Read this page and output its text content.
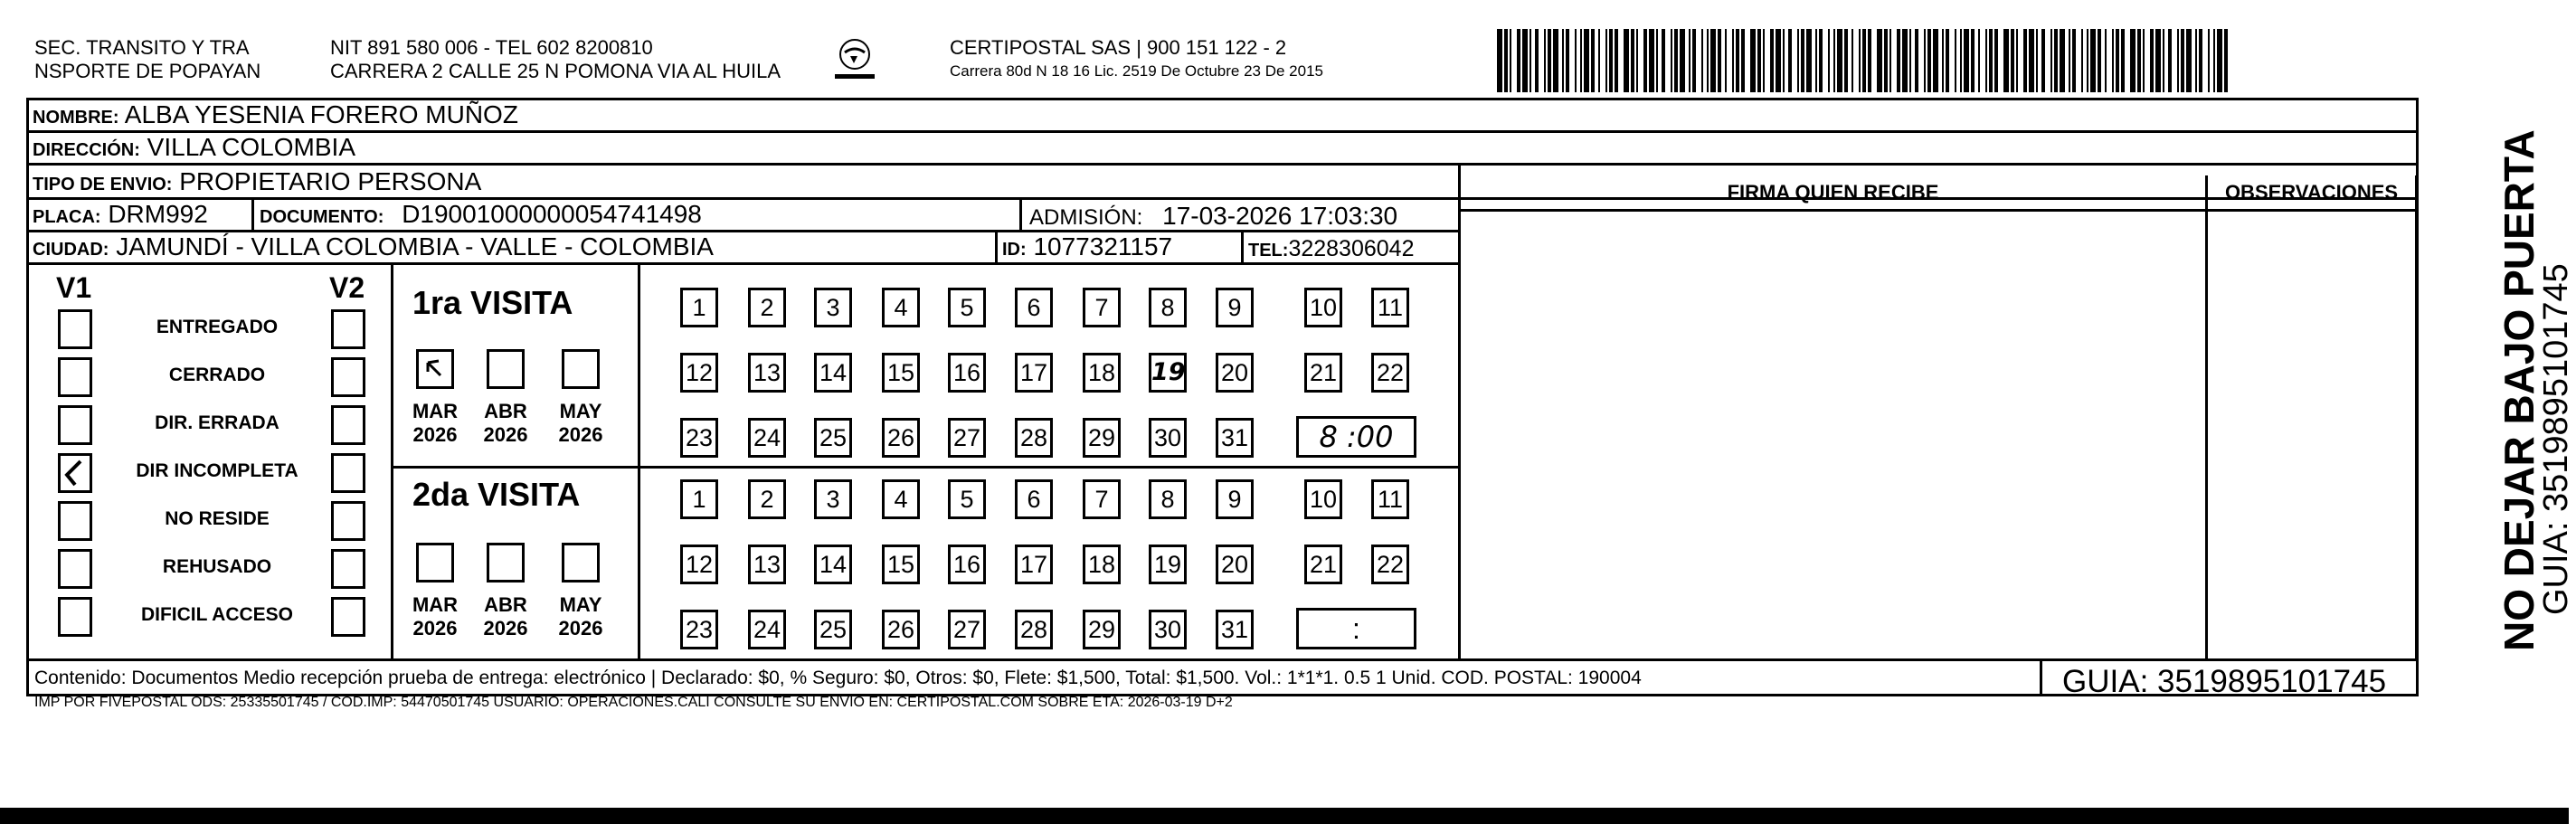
SEC. TRANSITO Y TRA
NSPORTE DE POPAYAN
NIT 891 580 006 - TEL 602 8200810
CARRERA 2 CALLE 25 N POMONA VIA AL HUILA
CERTIPOSTAL SAS | 900 151 122 - 2
Carrera 80d N 18 16 Lic. 2519 De Octubre 23 De 2015
NOMBRE: ALBA YESENIA FORERO MUÑOZ
DIRECCIÓN: VILLA COLOMBIA
TIPO DE ENVIO: PROPIETARIO PERSONA
PLACA: DRM992	DOCUMENTO: D19001000000054741498	ADMISIÓN: 17-03-2026 17:03:30
CIUDAD: JAMUNDÍ - VILLA COLOMBIA - VALLE - COLOMBIA	ID: 1077321157	TEL:3228306042
FIRMA QUIEN RECIBE	OBSERVACIONES
V1	V2
ENTREGADO
CERRADO
DIR. ERRADA
DIR INCOMPLETA
NO RESIDE
REHUSADO
DIFICIL ACCESO
1ra VISITA
MAR
2026
ABR
2026
MAY
2026
1	2	3	4	5	6	7	8	9	10 11
12 13 14 15 16 17 18 19 20	21 22
23 24 25 26 27 28 29 30 31	8 :00
2da VISITA
MAR
2026
ABR
2026
MAY
2026
1	2	3	4	5	6	7	8	9	10 11
12 13 14 15 16 17 18 19 20	21 22
23 24 25 26 27 28 29 30 31	:
Contenido: Documentos Medio recepción prueba de entrega: electrónico | Declarado: $0, % Seguro: $0, Otros: $0, Flete: $1,500, Total: $1,500. Vol.: 1*1*1. 0.5 1 Unid. COD. POSTAL: 190004
IMP POR FIVEPOSTAL ODS: 25335501745 / COD.IMP: 54470501745 USUARIO: OPERACIONES.CALI CONSULTE SU ENVIO EN: CERTIPOSTAL.COM SOBRE ETA: 2026-03-19 D+2
GUIA: 3519895101745
NO DEJAR BAJO PUERTA
GUIA: 3519895101745
